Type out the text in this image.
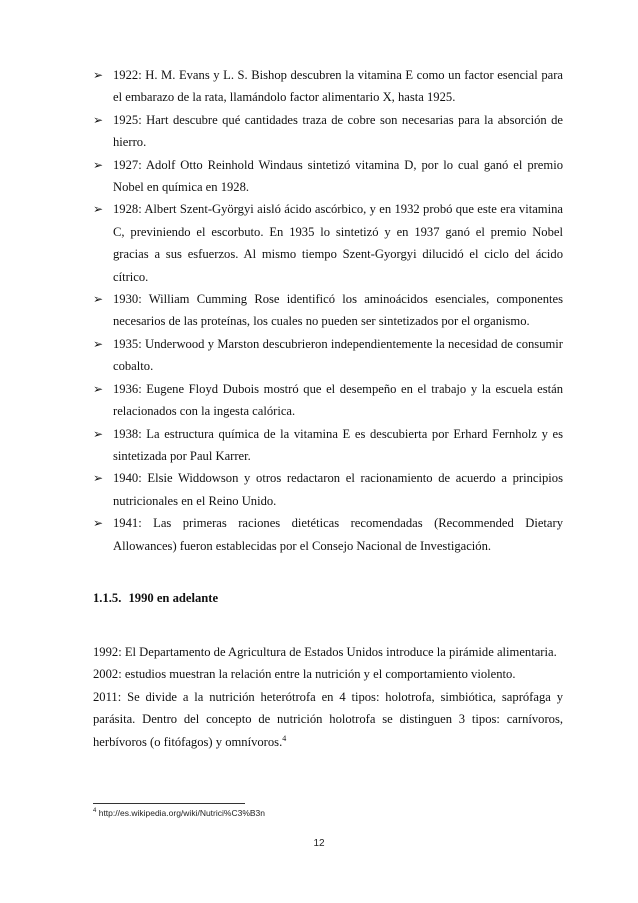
➢ 1922: H. M. Evans y L. S. Bishop descubren la vitamina E como un factor esencial para el embarazo de la rata, llamándolo factor alimentario X, hasta 1925.
➢ 1925: Hart descubre qué cantidades traza de cobre son necesarias para la absorción de hierro.
➢ 1927: Adolf Otto Reinhold Windaus sintetizó vitamina D, por lo cual ganó el premio Nobel en química en 1928.
➢ 1928: Albert Szent-Györgyi aisló ácido ascórbico, y en 1932 probó que este era vitamina C, previniendo el escorbuto. En 1935 lo sintetizó y en 1937 ganó el premio Nobel gracias a sus esfuerzos. Al mismo tiempo Szent-Gyorgyi dilucidó el ciclo del ácido cítrico.
➢ 1930: William Cumming Rose identificó los aminoácidos esenciales, componentes necesarios de las proteínas, los cuales no pueden ser sintetizados por el organismo.
➢ 1935: Underwood y Marston descubrieron independientemente la necesidad de consumir cobalto.
➢ 1936: Eugene Floyd Dubois mostró que el desempeño en el trabajo y la escuela están relacionados con la ingesta calórica.
➢ 1938: La estructura química de la vitamina E es descubierta por Erhard Fernholz y es sintetizada por Paul Karrer.
➢ 1940: Elsie Widdowson y otros redactaron el racionamiento de acuerdo a principios nutricionales en el Reino Unido.
➢ 1941: Las primeras raciones dietéticas recomendadas (Recommended Dietary Allowances) fueron establecidas por el Consejo Nacional de Investigación.
1.1.5. 1990 en adelante

1992: El Departamento de Agricultura de Estados Unidos introduce la pirámide alimentaria.

2002: estudios muestran la relación entre la nutrición y el comportamiento violento.

2011: Se divide a la nutrición heterótrofa en 4 tipos: holotrofa, simbiótica, saprófaga y parásita. Dentro del concepto de nutrición holotrofa se distinguen 3 tipos: carnívoros, herbívoros (o fitófagos) y omnívoros.$^4$

$^4$ http://es.wikipedia.org/wiki/Nutrici%C3%B3n
12
